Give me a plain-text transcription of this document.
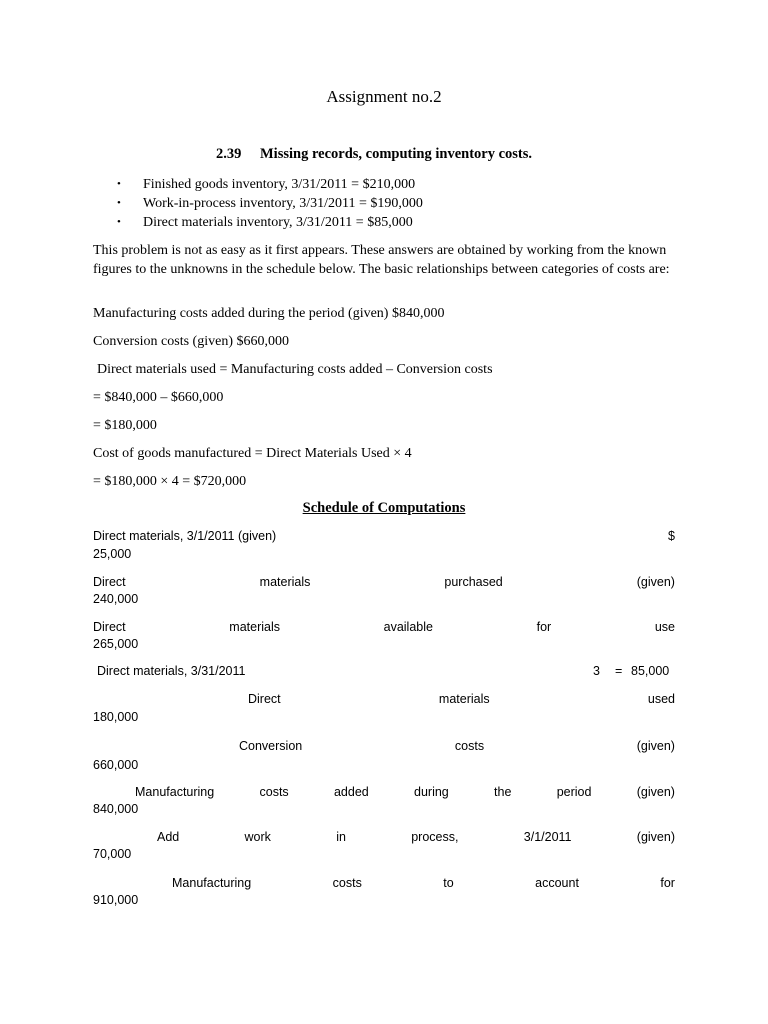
Assignment no.2
2.39 Missing records, computing inventory costs.
• Finished goods inventory, 3/31/2011 = $210,000
• Work-in-process inventory, 3/31/2011 = $190,000
• Direct materials inventory, 3/31/2011 = $85,000
This problem is not as easy as it first appears. These answers are obtained by working from the known figures to the unknowns in the schedule below. The basic relationships between categories of costs are:
Manufacturing costs added during the period (given) $840,000
Conversion costs (given) $660,000
Direct materials used = Manufacturing costs added – Conversion costs
= $840,000 – $660,000
= $180,000
Cost of goods manufactured = Direct Materials Used × 4
= $180,000 × 4 = $720,000
Schedule of Computations
Direct materials, 3/1/2011 (given)	$
25,000
Direct	materials	purchased	(given)
240,000
Direct	materials	available	for	use
265,000
Direct materials, 3/31/2011	3	= 85,000
Direct	materials	used
180,000
Conversion	costs	(given)
660,000
Manufacturing	costs	added	during	the	period	(given)
840,000
Add	work	in	process,	3/1/2011	(given)
70,000
Manufacturing	costs	to	account	for
910,000
